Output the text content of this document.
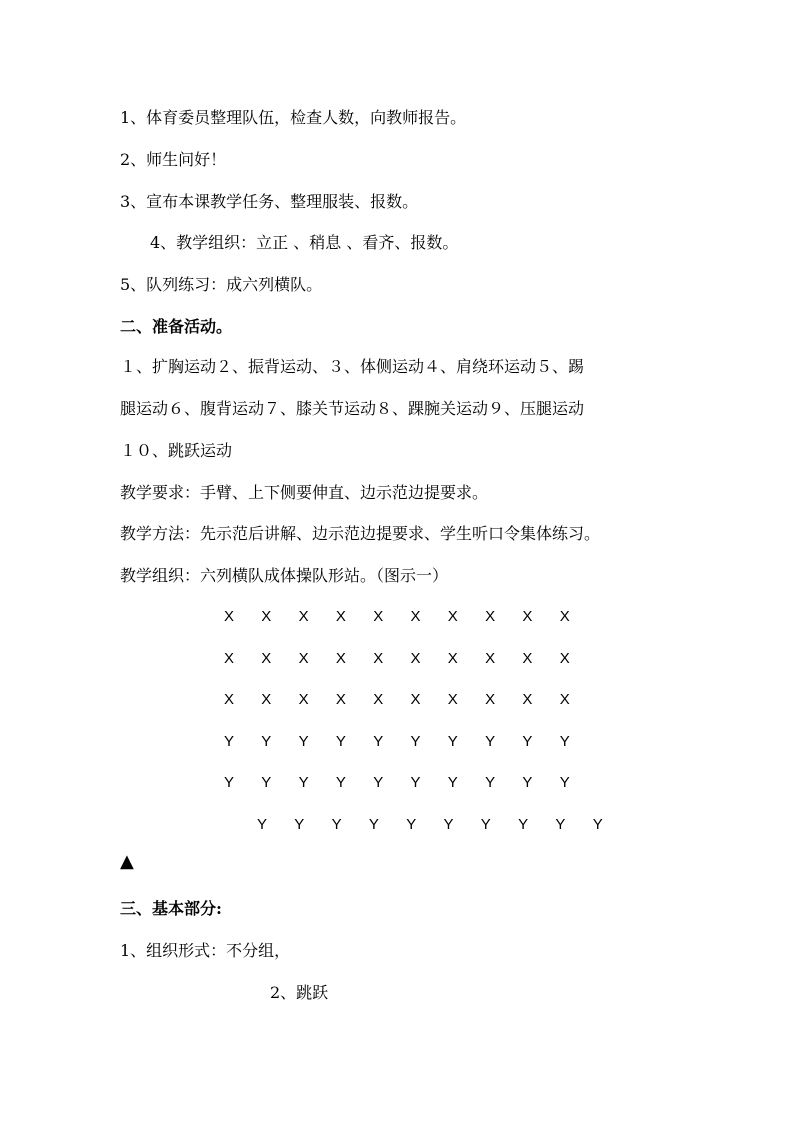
1、体育委员整理队伍，检查人数，向教师报告。
2、师生问好！
3、宣布本课教学任务、整理服装、报数。
4、教学组织：立正 、稍息 、看齐、报数。
5、队列练习：成六列横队。
二、准备活动。
１、扩胸运动２、振背运动、３、体侧运动４、肩绕环运动５、踢
腿运动６、腹背运动７、膝关节运动８、踝腕关运动９、压腿运动
１０、跳跃运动
教学要求：手臂、上下侧要伸直、边示范边提要求。
教学方法：先示范后讲解、边示范边提要求、学生听口令集体练习。
教学组织：六列横队成体操队形站。（图示一）
X X X X X X X X X X
X X X X X X X X X X
X X X X X X X X X X
Y Y Y Y Y Y Y Y Y Y
Y Y Y Y Y Y Y Y Y Y
Y Y Y Y Y Y Y Y Y Y
▲
三、基本部分:
1、组织形式：不分组，
2、跳跃
